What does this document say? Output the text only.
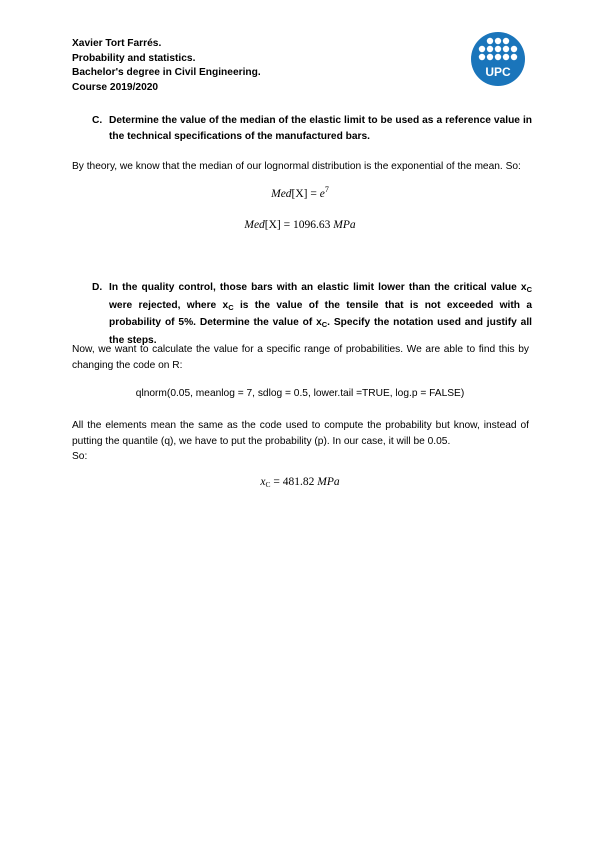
Xavier Tort Farrés.
Probability and statistics.
Bachelor's degree in Civil Engineering.
Course 2019/2020
UPC
C. Determine the value of the median of the elastic limit to be used as a reference value in the technical specifications of the manufactured bars.
By theory, we know that the median of our lognormal distribution is the exponential of the mean. So:
$Med[X] = e^7$
Med[X] = 1096.63 MPa
D. In the quality control, those bars with an elastic limit lower than the critical value $x_C$ were rejected, where $x_C$ is the value of the tensile that is not exceeded with a probability of 5%. Determine the value of $x_C$. Specify the notation used and justify all the steps.
Now, we want to calculate the value for a specific range of probabilities. We are able to find this by changing the code on R:
qlnorm(0.05, meanlog = 7, sdlog = 0.5, lower.tail =TRUE, log.p = FALSE)
All the elements mean the same as the code used to compute the probability but know, instead of putting the quantile (q), we have to put the probability (p). In our case, it will be 0.05.
So:
$x_C = 481.82$ MPa
